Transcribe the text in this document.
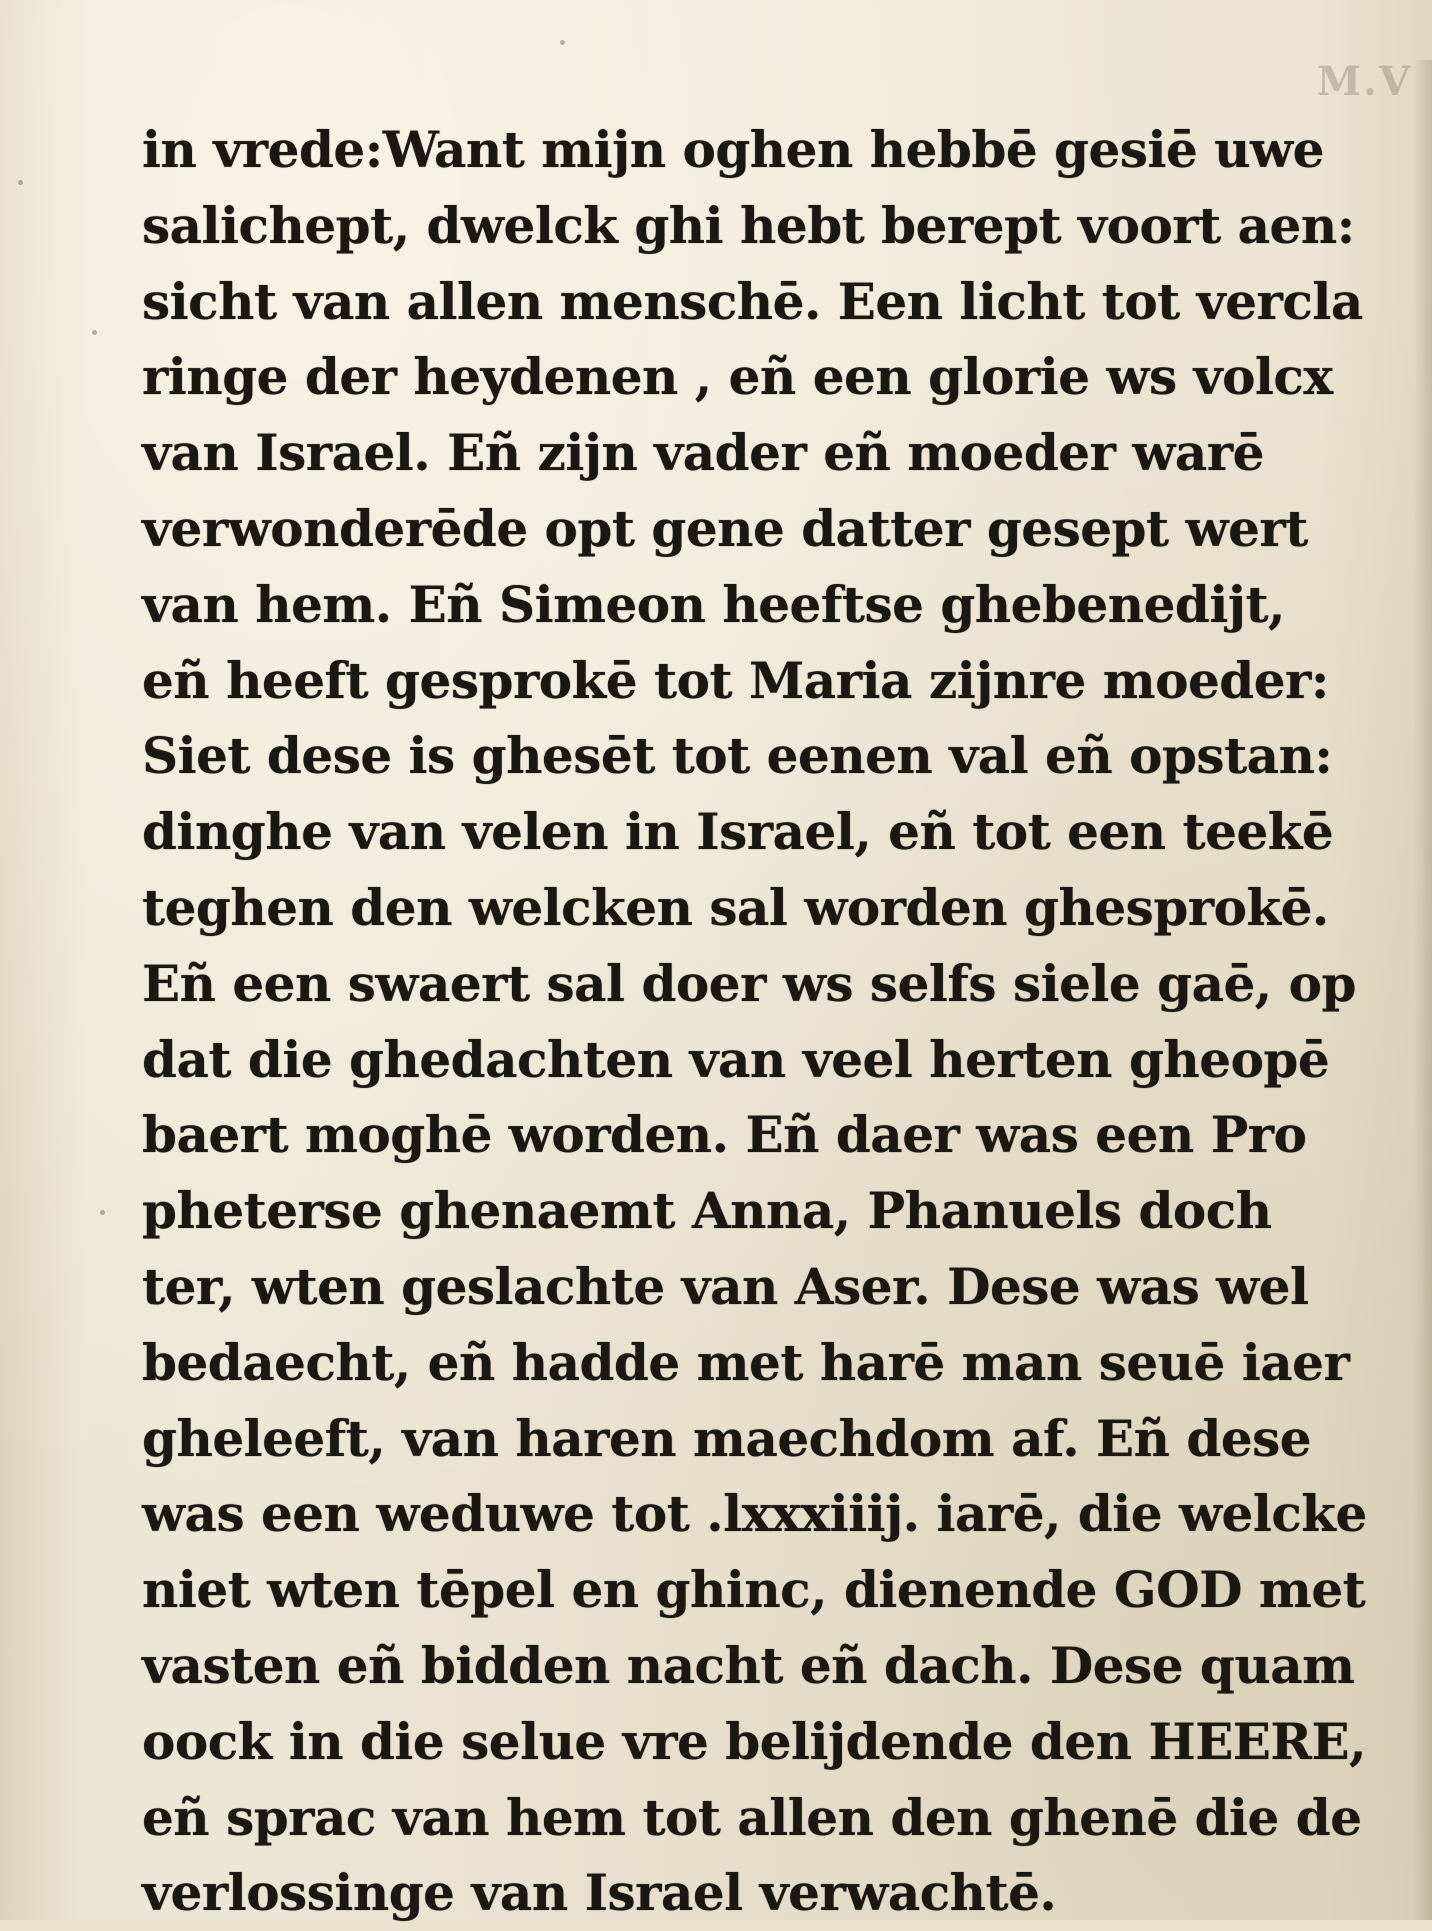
M.V
in vrede:Want mijn oghen hebbē gesiē uwe
salichept, dwelck ghi hebt berept voort aen:
sicht van allen menschē. Een licht tot vercla
ringe der heydenen , eñ een glorie ws volcx
van Israel. Eñ zijn vader eñ moeder warē
verwonderēde opt gene datter gesept wert
van hem. Eñ Simeon heeftse ghebenedijt,
eñ heeft gesprokē tot Maria zijnre moeder:
Siet dese is ghesēt tot eenen val eñ opstan:
dinghe van velen in Israel, eñ tot een teekē
teghen den welcken sal worden ghesprokē.
Eñ een swaert sal doer ws selfs siele gaē, op
dat die ghedachten van veel herten gheopē
baert moghē worden. Eñ daer was een Pro
pheterse ghenaemt Anna, Phanuels doch
ter, wten geslachte van Aser. Dese was wel
bedaecht, eñ hadde met harē man seuē iaer
gheleeft, van haren maechdom af. Eñ dese
was een weduwe tot .lxxxiiij. iarē, die welcke
niet wten tēpel en ghinc, dienende GOD met
vasten eñ bidden nacht eñ dach. Dese quam
oock in die selue vre belijdende den HEERE,
eñ sprac van hem tot allen den ghenē die de
verlossinge van Israel verwachtē.
